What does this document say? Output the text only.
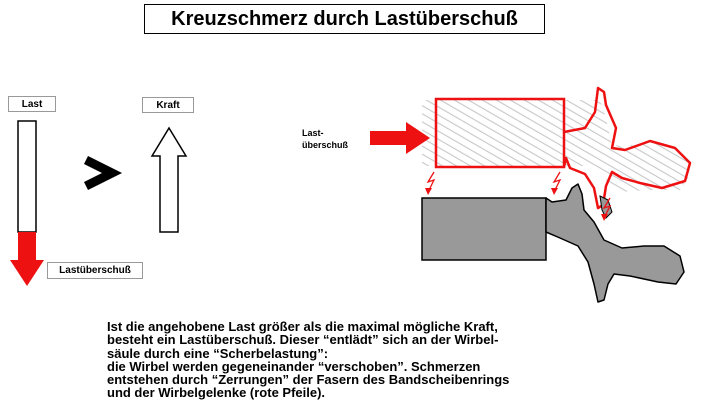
Kreuzschmerz durch Lastüberschuß
Last	Kraft
Lastüberschuß
Last-
überschuß

Ist die angehobene Last größer als die maximal mögliche Kraft,
besteht ein Lastüberschuß. Dieser “entlädt” sich an der Wirbel-
säule durch eine “Scherbelastung”:
die Wirbel werden gegeneinander “verschoben”. Schmerzen
entstehen durch “Zerrungen” der Fasern des Bandscheibenrings
und der Wirbelgelenke (rote Pfeile).
